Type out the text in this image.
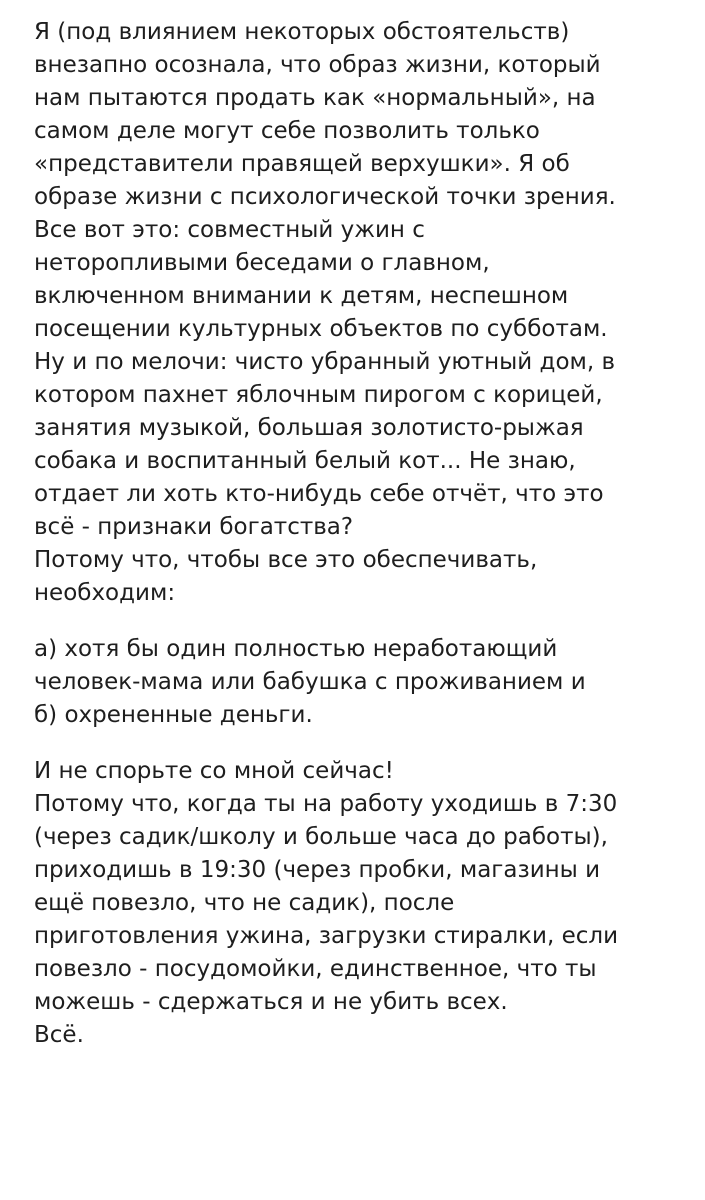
Я (под влиянием некоторых обстоятельств)
внезапно осознала, что образ жизни, который
нам пытаются продать как «нормальный», на
самом деле могут себе позволить только
«представители правящей верхушки». Я об
образе жизни с психологической точки зрения.
Все вот это: совместный ужин с
неторопливыми беседами о главном,
включенном внимании к детям, неспешном
посещении культурных объектов по субботам.
Ну и по мелочи: чисто убранный уютный дом, в
котором пахнет яблочным пирогом с корицей,
занятия музыкой, большая золотисто-рыжая
собака и воспитанный белый кот... Не знаю,
отдает ли хоть кто-нибудь себе отчёт, что это
всё - признаки богатства?
Потому что, чтобы все это обеспечивать,
необходим:
а) хотя бы один полностью неработающий
человек-мама или бабушка с проживанием и
б) охрененные деньги.
И не спорьте со мной сейчас!
Потому что, когда ты на работу уходишь в 7:30
(через садик/школу и больше часа до работы),
приходишь в 19:30 (через пробки, магазины и
ещё повезло, что не садик), после
приготовления ужина, загрузки стиралки, если
повезло - посудомойки, единственное, что ты
можешь - сдержаться и не убить всех.
Всё.
